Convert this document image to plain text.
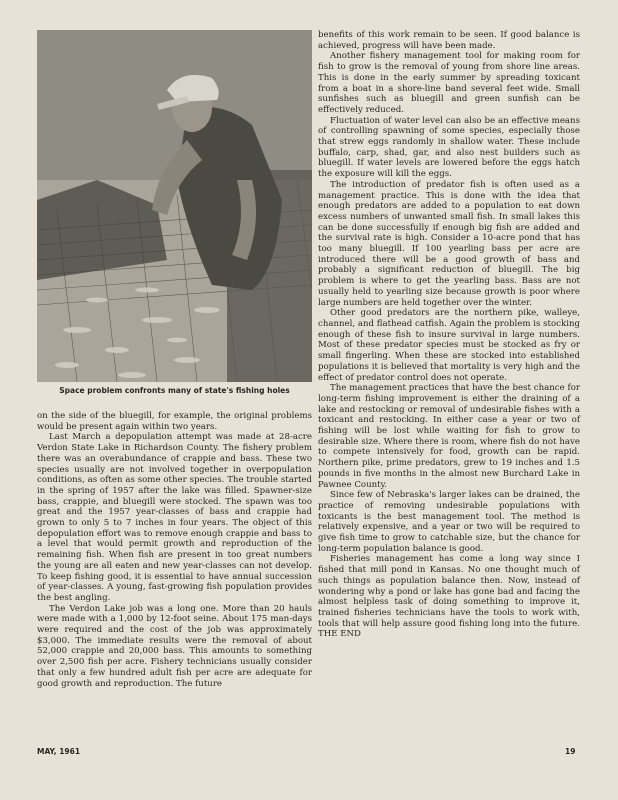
Space problem confronts many of state's fishing holes

on the side of the bluegill, for example, the original problems would be present again within two years.

Last March a depopulation attempt was made at 28-acre Verdon State Lake in Richardson County. The fishery problem there was an overabundance of crappie and bass. These two species usually are not involved together in overpopulation conditions, as often as some other species. The trouble started in the spring of 1957 after the lake was filled. Spawner-size bass, crappie, and bluegill were stocked. The spawn was too great and the 1957 year-classes of bass and crappie had grown to only 5 to 7 inches in four years. The object of this depopulation effort was to remove enough crappie and bass to a level that would permit growth and reproduction of the remaining fish. When fish are present in too great numbers the young are all eaten and new year-classes can not develop. To keep fishing good, it is essential to have annual succession of year-classes. A young, fast-growing fish population provides the best angling.

The Verdon Lake job was a long one. More than 20 hauls were made with a 1,000 by 12-foot seine. About 175 man-days were required and the cost of the job was approximately $3,000. The immediate results were the removal of about 52,000 crappie and 20,000 bass. This amounts to something over 2,500 fish per acre. Fishery technicians usually consider that only a few hundred adult fish per acre are adequate for good growth and reproduction. The future

benefits of this work remain to be seen. If good balance is achieved, progress will have been made.

Another fishery management tool for making room for fish to grow is the removal of young from shore line areas. This is done in the early summer by spreading toxicant from a boat in a shore-line band several feet wide. Small sunfishes such as bluegill and green sunfish can be effectively reduced.

Fluctuation of water level can also be an effective means of controlling spawning of some species, especially those that strew eggs randomly in shallow water. These include buffalo, carp, shad, gar, and also nest builders such as bluegill. If water levels are lowered before the eggs hatch the exposure will kill the eggs.

The introduction of predator fish is often used as a management practice. This is done with the idea that enough predators are added to a population to eat down excess numbers of unwanted small fish. In small lakes this can be done successfully if enough big fish are added and the survival rate is high. Consider a 10-acre pond that has too many bluegill. If 100 yearling bass per acre are introduced there will be a good growth of bass and probably a significant reduction of bluegill. The big problem is where to get the yearling bass. Bass are not usually held to yearling size because growth is poor where large numbers are held together over the winter.

Other good predators are the northern pike, walleye, channel, and flathead catfish. Again the problem is stocking enough of these fish to insure survival in large numbers. Most of these predator species must be stocked as fry or small fingerling. When these are stocked into established populations it is believed that mortality is very high and the effect of predator control does not operate.

The management practices that have the best chance for long-term fishing improvement is either the draining of a lake and restocking or removal of undesirable fishes with a toxicant and restocking. In either case a year or two of fishing will be lost while waiting for fish to grow to desirable size. Where there is room, where fish do not have to compete intensively for food, growth can be rapid. Northern pike, prime predators, grew to 19 inches and 1.5 pounds in five months in the almost new Burchard Lake in Pawnee County.

Since few of Nebraska's larger lakes can be drained, the practice of removing undesirable populations with toxicants is the best management tool. The method is relatively expensive, and a year or two will be required to give fish time to grow to catchable size, but the chance for long-term population balance is good.

Fisheries management has come a long way since I fished that mill pond in Kansas. No one thought much of such things as population balance then. Now, instead of wondering why a pond or lake has gone bad and facing the almost helpless task of doing something to improve it, trained fisheries technicians have the tools to work with, tools that will help assure good fishing long into the future. THE END

MAY, 1961	19
